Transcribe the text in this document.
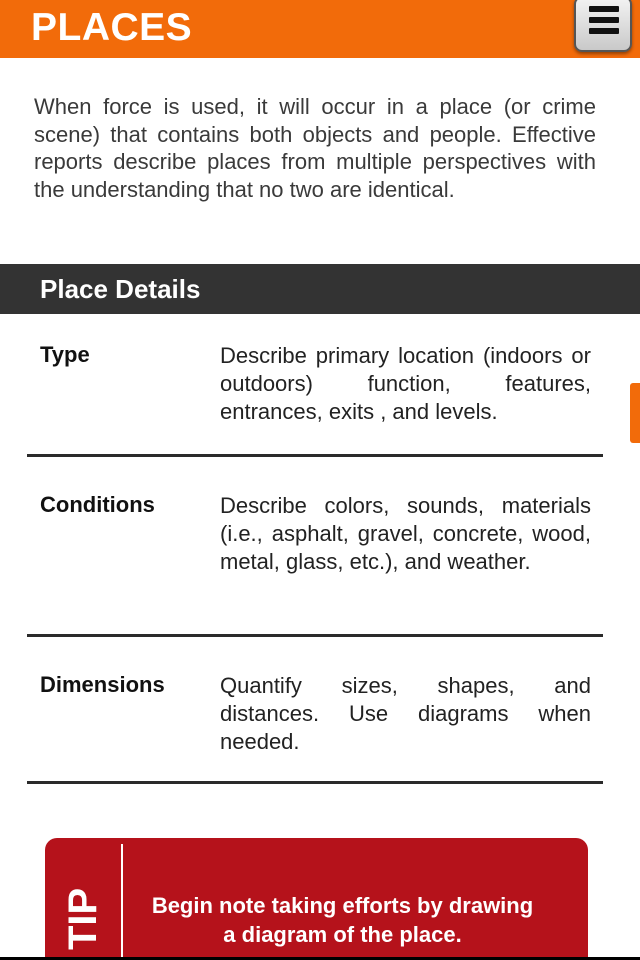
PLACES

When force is used, it will occur in a place (or crime scene) that contains both objects and people. Effective reports describe places from multiple perspectives with the understanding that no two are identical.

Place Details
Type	Describe primary location (indoors or outdoors) function, features, entrances, exits , and levels.
Conditions	Describe colors, sounds, materials (i.e., asphalt, gravel, concrete, wood, metal, glass, etc.), and weather.
Dimensions	Quantify sizes, shapes, and distances. Use diagrams when needed.
TIP	Begin note taking efforts by drawing a diagram of the place.
